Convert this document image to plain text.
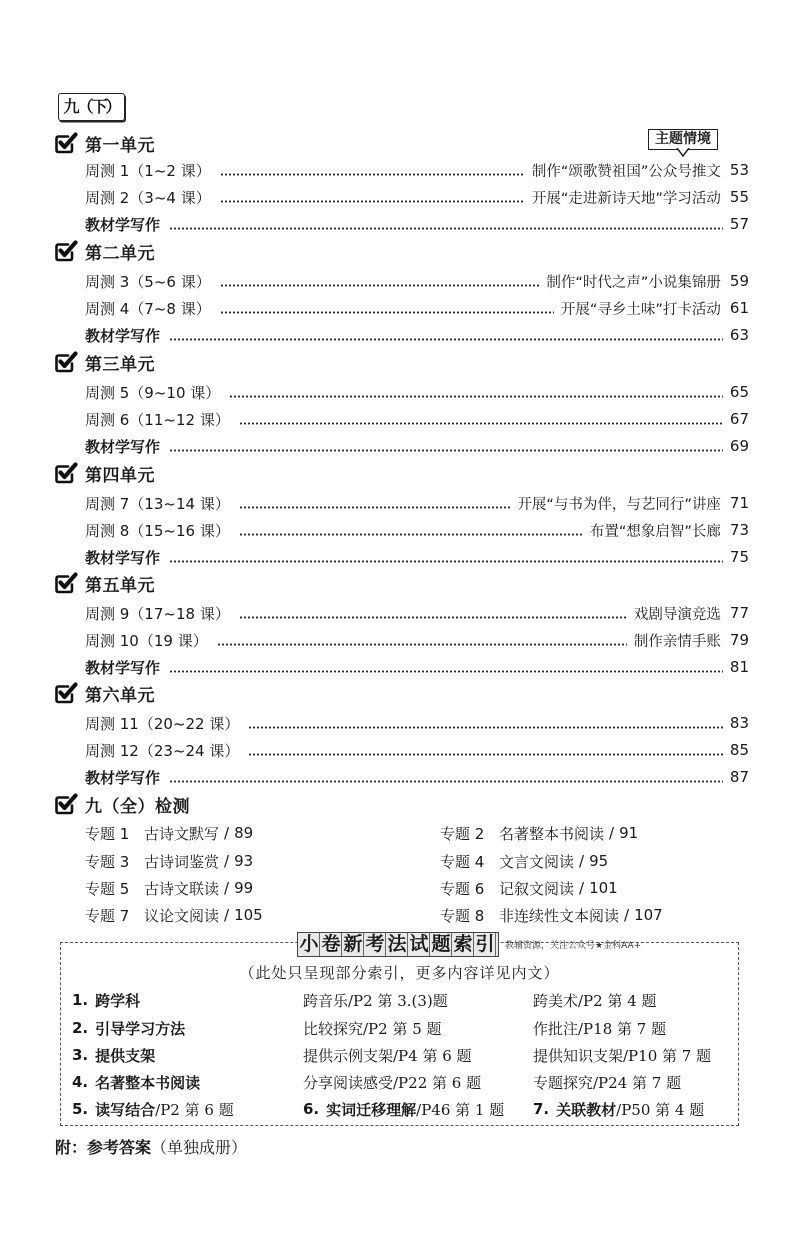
九（下）
主题情境
第一单元
周测 1（1~2 课）	制作“颂歌赞祖国”公众号推文 53
周测 2（3~4 课）	开展“走进新诗天地”学习活动 55
教材学写作	57
第二单元
周测 3（5~6 课）	制作“时代之声”小说集锦册 59
周测 4（7~8 课）	开展“寻乡土味”打卡活动 61
教材学写作	63
第三单元
周测 5（9~10 课）	65
周测 6（11~12 课）	67
教材学写作	69
第四单元
周测 7（13~14 课）	开展“与书为伴，与艺同行”讲座 71
周测 8（15~16 课）	布置“想象启智”长廊 73
教材学写作	75
第五单元
周测 9（17~18 课）	戏剧导演竞选 77
周测 10（19 课）	制作亲情手账 79
教材学写作	81
第六单元
周测 11（20~22 课）	83
周测 12（23~24 课）	85
教材学写作	87
九（全）检测
专题 1 古诗文默写 / 89	专题 2 名著整本书阅读 / 91
专题 3 古诗词鉴赏 / 93	专题 4 文言文阅读 / 95
专题 5 古诗文联读 / 99	专题 6 记叙文阅读 / 101
专题 7 议论文阅读 / 105	专题 8 非连续性文本阅读 / 107
小卷新考法试题索引 教辅资源，关注公众号★金科AA+
（此处只呈现部分索引，更多内容详见内文）
1. 跨学科	跨音乐/P2 第 3.(3)题	跨美术/P2 第 4 题
2. 引导学习方法	比较探究/P2 第 5 题	作批注/P18 第 7 题
3. 提供支架	提供示例支架/P4 第 6 题	提供知识支架/P10 第 7 题
4. 名著整本书阅读	分享阅读感受/P22 第 6 题	专题探究/P24 第 7 题
5. 读写结合 /P2 第 6 题	6. 实词迁移理解 /P46 第 1 题 7. 关联教材 /P50 第 4 题
附：参考答案 （单独成册）
